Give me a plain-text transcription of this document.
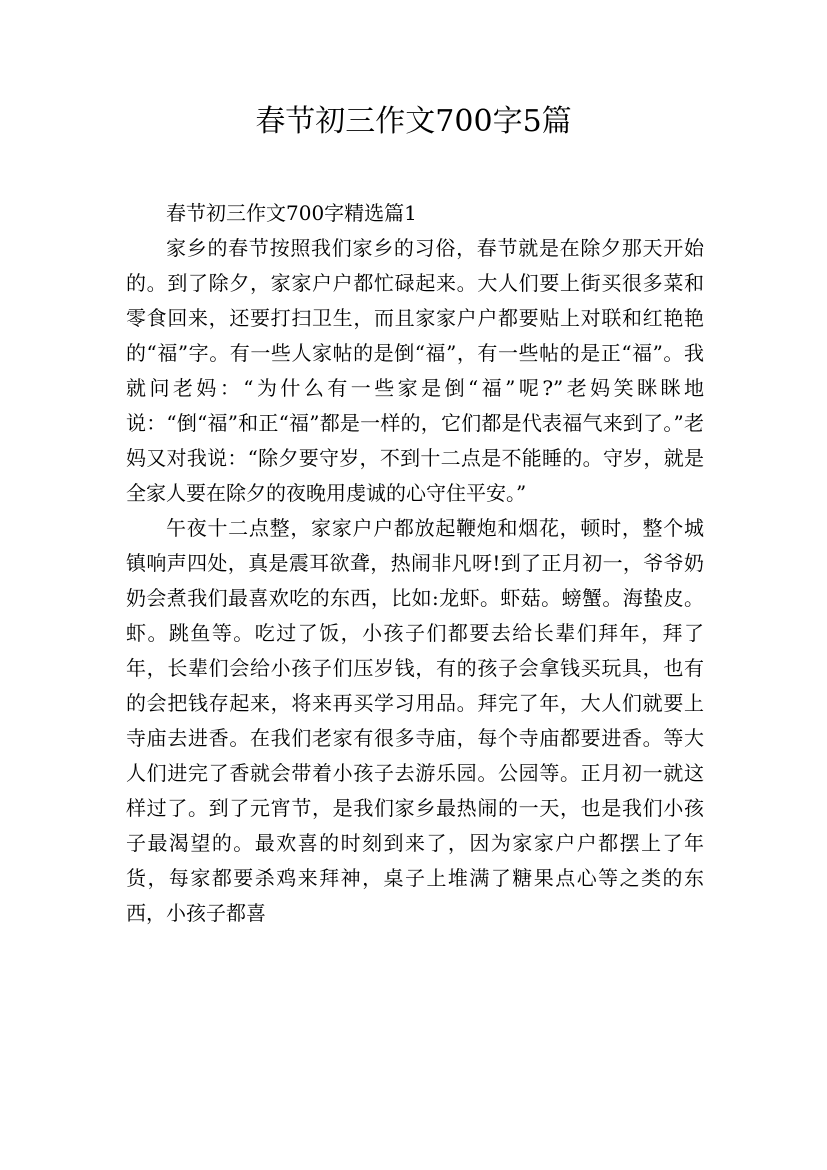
春节初三作文700字5篇
春节初三作文700字精选篇1

家乡的春节按照我们家乡的习俗，春节就是在除夕那天开始的。到了除夕，家家户户都忙碌起来。大人们要上街买很多菜和零食回来，还要打扫卫生，而且家家户户都要贴上对联和红艳艳的“福”字。有一些人家帖的是倒“福”，有一些帖的是正“福”。我就问老妈：“为什么有一些家是倒“福”呢?”老妈笑眯眯地说：“倒“福”和正“福”都是一样的，它们都是代表福气来到了。”老妈又对我说：“除夕要守岁，不到十二点是不能睡的。守岁，就是全家人要在除夕的夜晚用虔诚的心守住平安。”

午夜十二点整，家家户户都放起鞭炮和烟花，顿时，整个城镇响声四处，真是震耳欲聋，热闹非凡呀!到了正月初一，爷爷奶奶会煮我们最喜欢吃的东西，比如:龙虾。虾菇。螃蟹。海蛰皮。虾。跳鱼等。吃过了饭，小孩子们都要去给长辈们拜年，拜了年，长辈们会给小孩子们压岁钱，有的孩子会拿钱买玩具，也有的会把钱存起来，将来再买学习用品。拜完了年，大人们就要上寺庙去进香。在我们老家有很多寺庙，每个寺庙都要进香。等大人们进完了香就会带着小孩子去游乐园。公园等。正月初一就这样过了。到了元宵节，是我们家乡最热闹的一天，也是我们小孩子最渴望的。最欢喜的时刻到来了，因为家家户户都摆上了年货，每家都要杀鸡来拜神，桌子上堆满了糖果点心等之类的东西，小孩子都喜
